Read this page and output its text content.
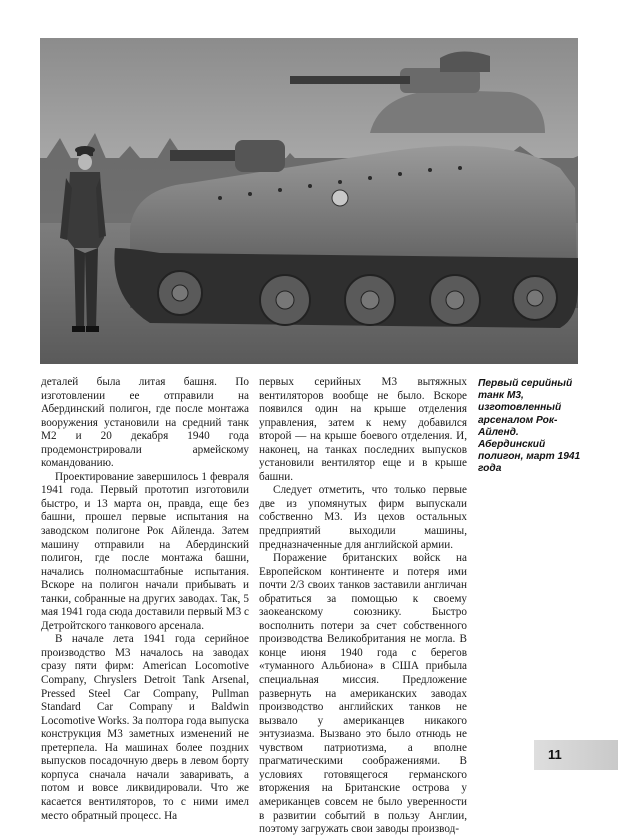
деталей была литая башня. По изготовлении ее отправили на Абердинский полигон, где после монтажа вооружения установили на средний танк М2 и 20 декабря 1940 года продемонстрировали армейскому командованию.

Проектирование завершилось 1 февраля 1941 года. Первый прототип изготовили быстро, и 13 марта он, правда, еще без башни, прошел первые испытания на заводском полигоне Рок Айленда. Затем машину отправили на Абердинский полигон, где после монтажа башни, начались полномасштабные испытания. Вскоре на полигон начали прибывать и танки, собранные на других заводах. Так, 5 мая 1941 года сюда доставили первый М3 с Детройтского танкового арсенала.

В начале лета 1941 года серийное производство М3 началось на заводах сразу пяти фирм: American Locomotive Company, Chryslers Detroit Tank Arsenal, Pressed Steel Car Company, Pullman Standard Car Company и Baldwin Locomotive Works. За полтора года выпуска конструкция М3 заметных изменений не претерпела. На машинах более поздних выпусков посадочную дверь в левом борту корпуса сначала начали заваривать, а потом и вовсе ликвидировали. Что же касается вентиляторов, то с ними имел место обратный процесс. На

первых серийных М3 вытяжных вентиляторов вообще не было. Вскоре появился один на крыше отделения управления, затем к нему добавился второй — на крыше боевого отделения. И, наконец, на танках последних выпусков установили вентилятор еще и в крыше башни.

Следует отметить, что только первые две из упомянутых фирм выпускали собственно М3. Из цехов остальных предприятий выходили машины, предназначенные для английской армии.

Поражение британских войск на Европейском континенте и потеря ими почти 2/3 своих танков заставили англичан обратиться за помощью к своему заокеанскому союзнику. Быстро восполнить потери за счет собственного производства Великобритания не могла. В конце июня 1940 года с берегов «туманного Альбиона» в США прибыла специальная миссия. Предложение развернуть на американских заводах производство английских танков не вызвало у американцев никакого энтузиазма. Вызвано это было отнюдь не чувством патриотизма, а вполне прагматическими соображениями. В условиях готовящегося германского вторжения на Британские острова у американцев совсем не было уверенности в развитии событий в пользу Англии, поэтому загружать свои заводы производ-

Первый серийный танк М3, изготовленный арсеналом Рок-Айленд. Абердинский полигон, март 1941 года
11
